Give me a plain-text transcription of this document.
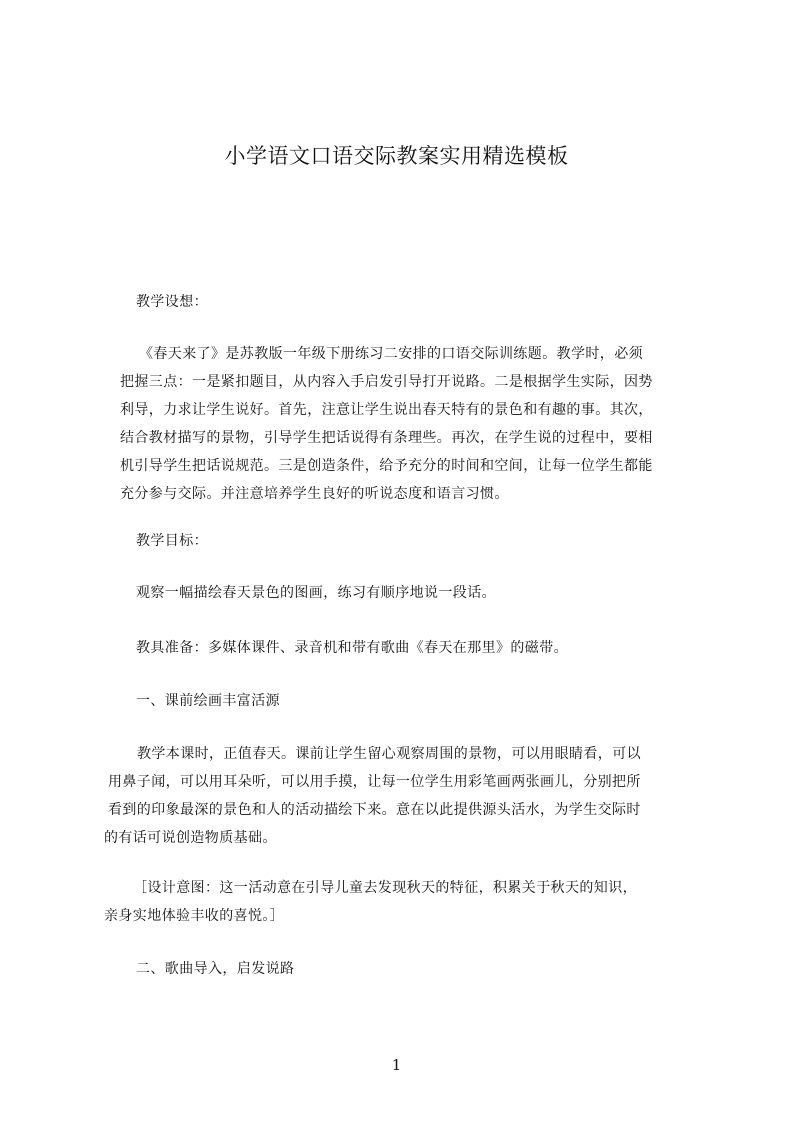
小学语文口语交际教案实用精选模板
教学设想：
《春天来了》是苏教版一年级下册练习二安排的口语交际训练题。教学时，必须
把握三点：一是紧扣题目，从内容入手启发引导打开说路。二是根据学生实际，因势
利导，力求让学生说好。首先，注意让学生说出春天特有的景色和有趣的事。其次，
结合教材描写的景物，引导学生把话说得有条理些。再次，在学生说的过程中，要相
机引导学生把话说规范。三是创造条件，给予充分的时间和空间，让每一位学生都能
充分参与交际。并注意培养学生良好的听说态度和语言习惯。
教学目标：
观察一幅描绘春天景色的图画，练习有顺序地说一段话。
教具准备：多媒体课件、录音机和带有歌曲《春天在那里》的磁带。
一、课前绘画丰富活源
教学本课时，正值春天。课前让学生留心观察周围的景物，可以用眼睛看，可以
用鼻子闻，可以用耳朵听，可以用手摸，让每一位学生用彩笔画两张画儿，分别把所
看到的印象最深的景色和人的活动描绘下来。意在以此提供源头活水，为学生交际时
的有话可说创造物质基础。
［设计意图：这一活动意在引导儿童去发现秋天的特征，积累关于秋天的知识，
亲身实地体验丰收的喜悦。］
二、歌曲导入，启发说路
1
